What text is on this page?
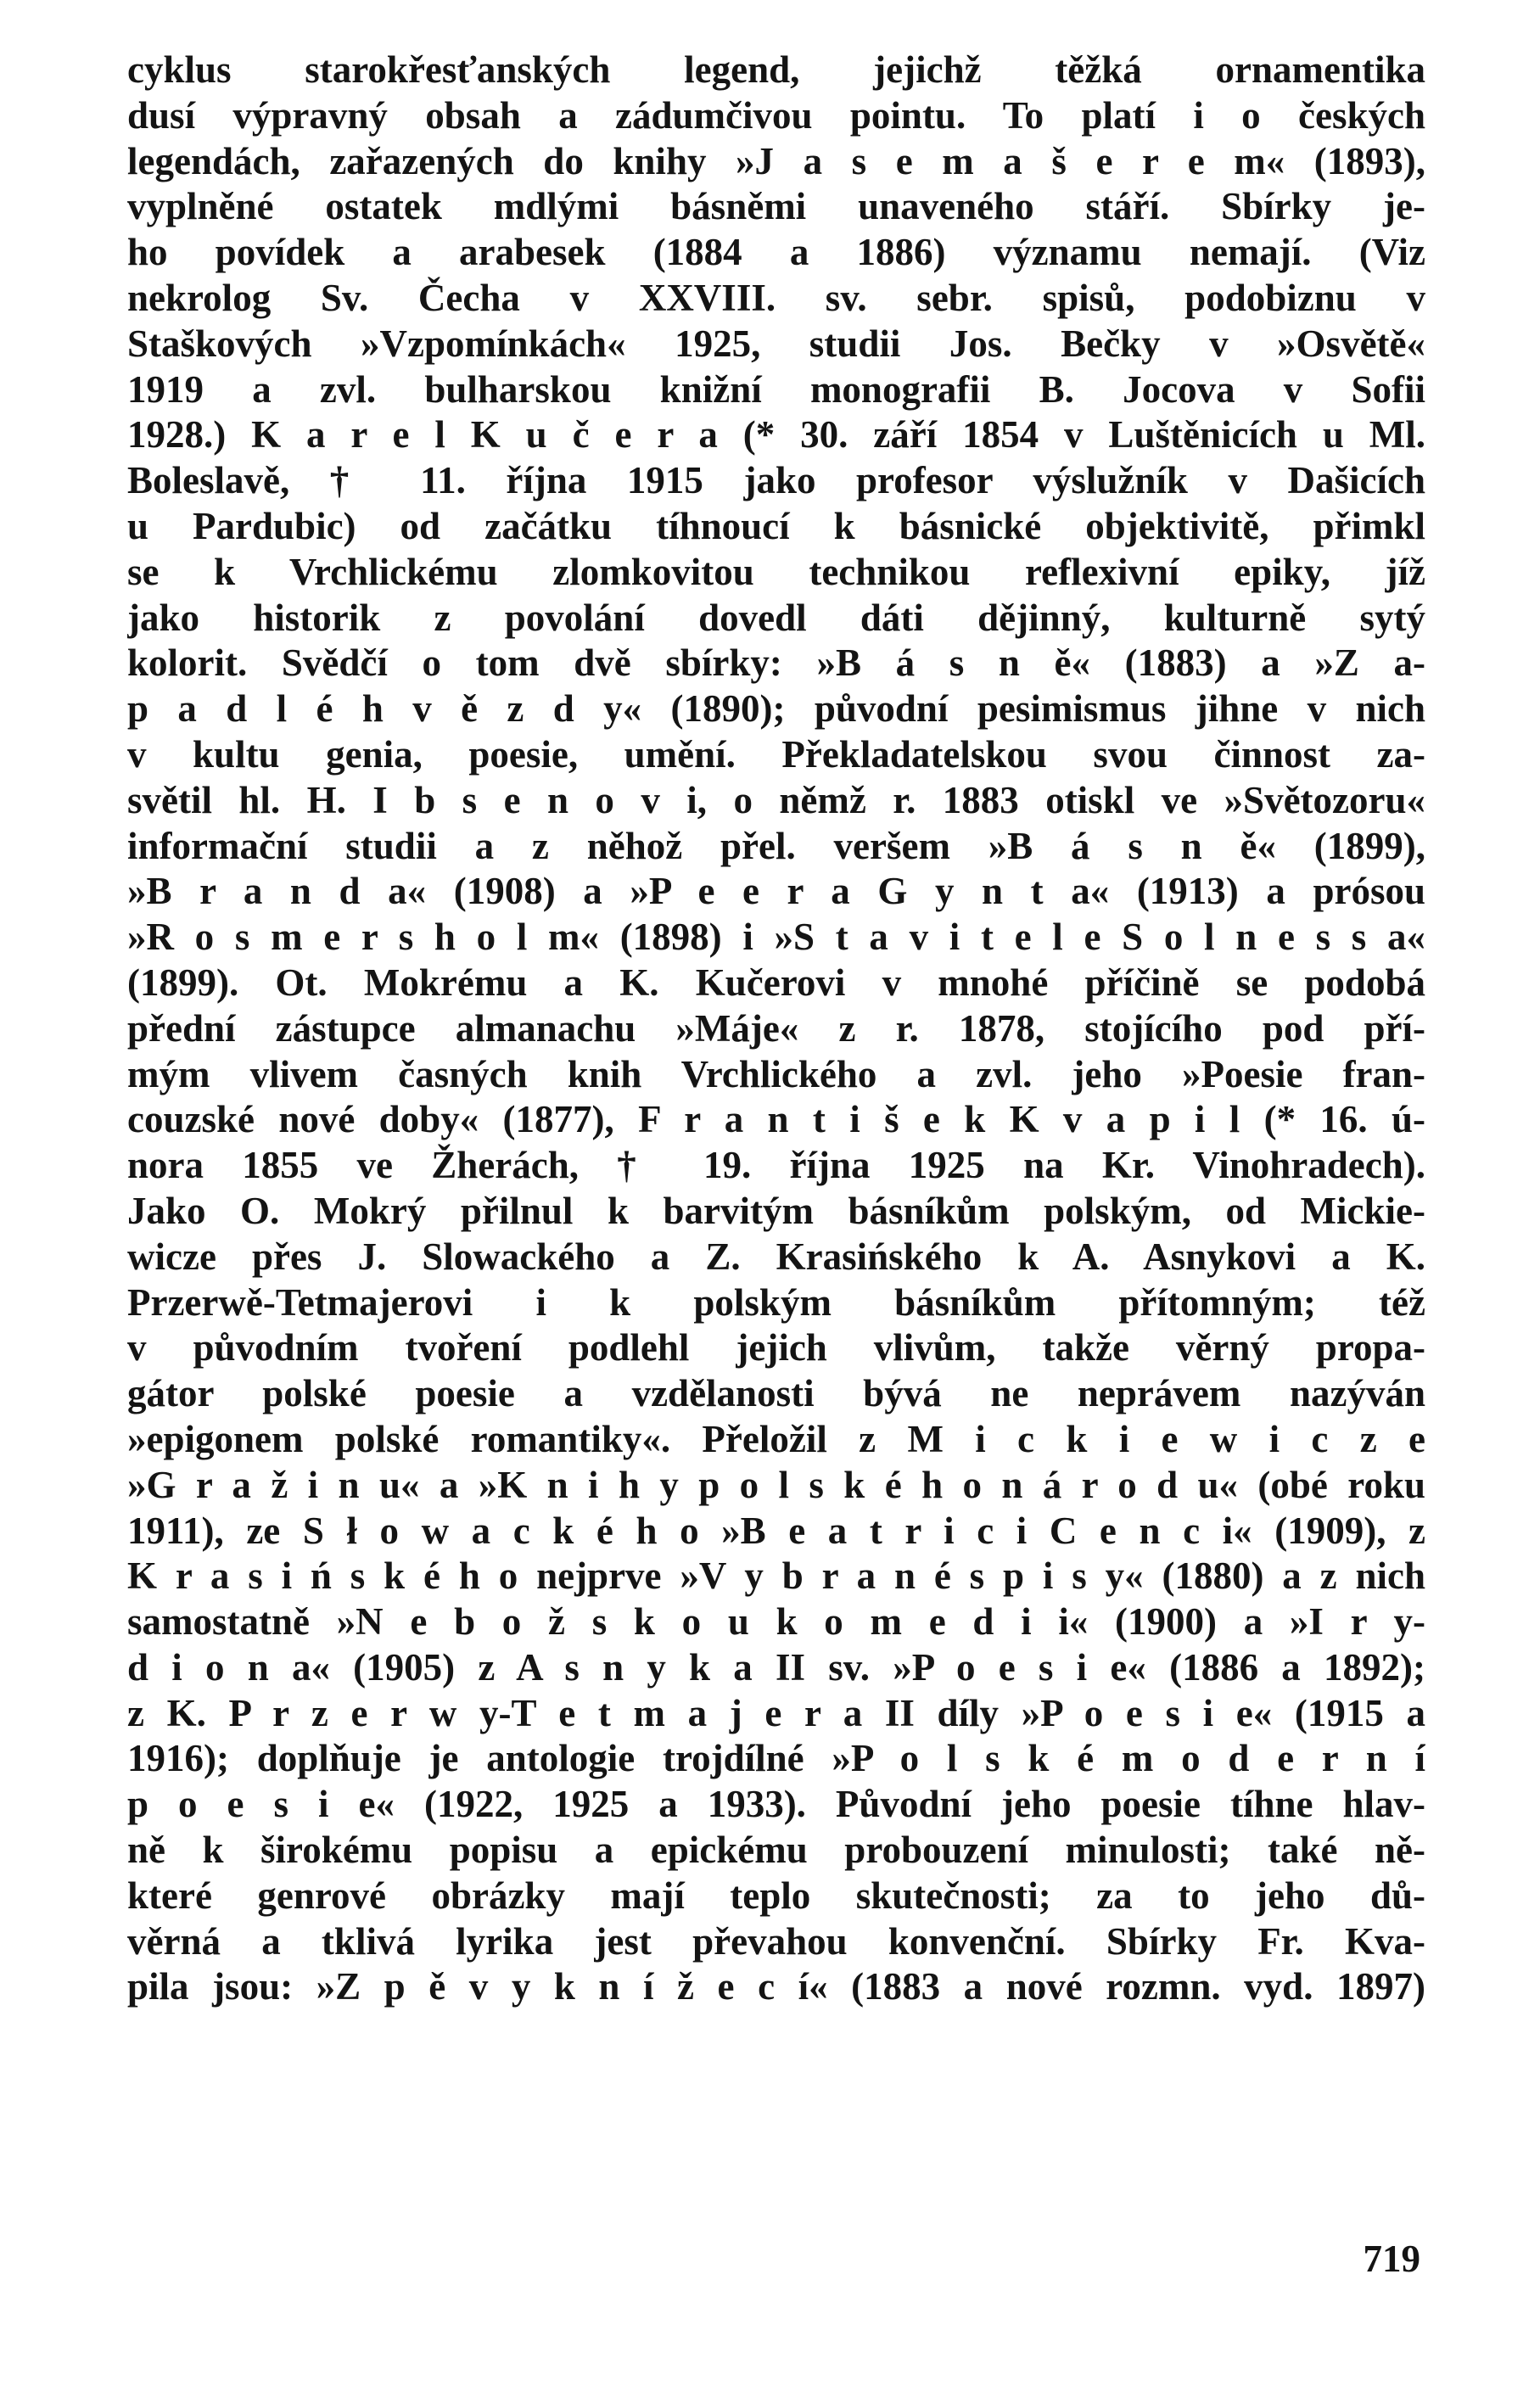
cyklus starokřesťanských legend, jejichž těžká ornamentika
dusí výpravný obsah a zádumčivou pointu. To platí i o českých
legendách, zařazených do knihy »J a s e m a š e r e m« (1893),
vyplněné ostatek mdlými básněmi unaveného stáří. Sbírky je-
ho povídek a arabesek (1884 a 1886) významu nemají. (Viz
nekrolog Sv. Čecha v XXVIII. sv. sebr. spisů, podobiznu v
Staškových »Vzpomínkách« 1925, studii Jos. Bečky v »Osvětě«
1919 a zvl. bulharskou knižní monografii B. Jocova v Sofii
1928.) K a r e l K u č e r a (* 30. září 1854 v Luštěnicích u Ml.
Boleslavě, † 11. října 1915 jako profesor výslužník v Dašicích
u Pardubic) od začátku tíhnoucí k básnické objektivitě, přimkl
se k Vrchlickému zlomkovitou technikou reflexivní epiky, jíž
jako historik z povolání dovedl dáti dějinný, kulturně sytý
kolorit. Svědčí o tom dvě sbírky: »B á s n ě« (1883) a »Z a-
p a d l é h v ě z d y« (1890); původní pesimismus jihne v nich
v kultu genia, poesie, umění. Překladatelskou svou činnost za-
světil hl. H. I b s e n o v i, o němž r. 1883 otiskl ve »Světozoru«
informační studii a z něhož přel. veršem »B á s n ě« (1899),
»B r a n d a« (1908) a »P e e r a G y n t a« (1913) a prósou
»R o s m e r s h o l m« (1898) i »S t a v i t e l e S o l n e s s a«
(1899). Ot. Mokrému a K. Kučerovi v mnohé příčině se podobá
přední zástupce almanachu »Máje« z r. 1878, stojícího pod pří-
mým vlivem časných knih Vrchlického a zvl. jeho »Poesie fran-
couzské nové doby« (1877), F r a n t i š e k K v a p i l (* 16. ú-
nora 1855 ve Žherách, † 19. října 1925 na Kr. Vinohradech).
Jako O. Mokrý přilnul k barvitým básníkům polským, od Mickie-
wicze přes J. Slowackého a Z. Krasińského k A. Asnykovi a K.
Przerwě-Tetmajerovi i k polským básníkům přítomným; též
v původním tvoření podlehl jejich vlivům, takže věrný propa-
gátor polské poesie a vzdělanosti bývá ne neprávem nazýván
»epigonem polské romantiky«. Přeložil z M i c k i e w i c z e
»G r a ž i n u« a »K n i h y p o l s k é h o n á r o d u« (obé roku
1911), ze S ł o w a c k é h o »B e a t r i c i C e n c i« (1909), z
K r a s i ń s k é h o nejprve »V y b r a n é s p i s y« (1880) a z nich
samostatně »N e b o ž s k o u k o m e d i i« (1900) a »I r y-
d i o n a« (1905) z A s n y k a II sv. »P o e s i e« (1886 a 1892);
z K. P r z e r w y-T e t m a j e r a II díly »P o e s i e« (1915 a
1916); doplňuje je antologie trojdílné »P o l s k é m o d e r n í
p o e s i e« (1922, 1925 a 1933). Původní jeho poesie tíhne hlav-
ně k širokému popisu a epickému probouzení minulosti; také ně-
které genrové obrázky mají teplo skutečnosti; za to jeho dů-
věrná a tklivá lyrika jest převahou konvenční. Sbírky Fr. Kva-
pila jsou: »Z p ě v y k n í ž e c í« (1883 a nové rozmn. vyd. 1897)
719
